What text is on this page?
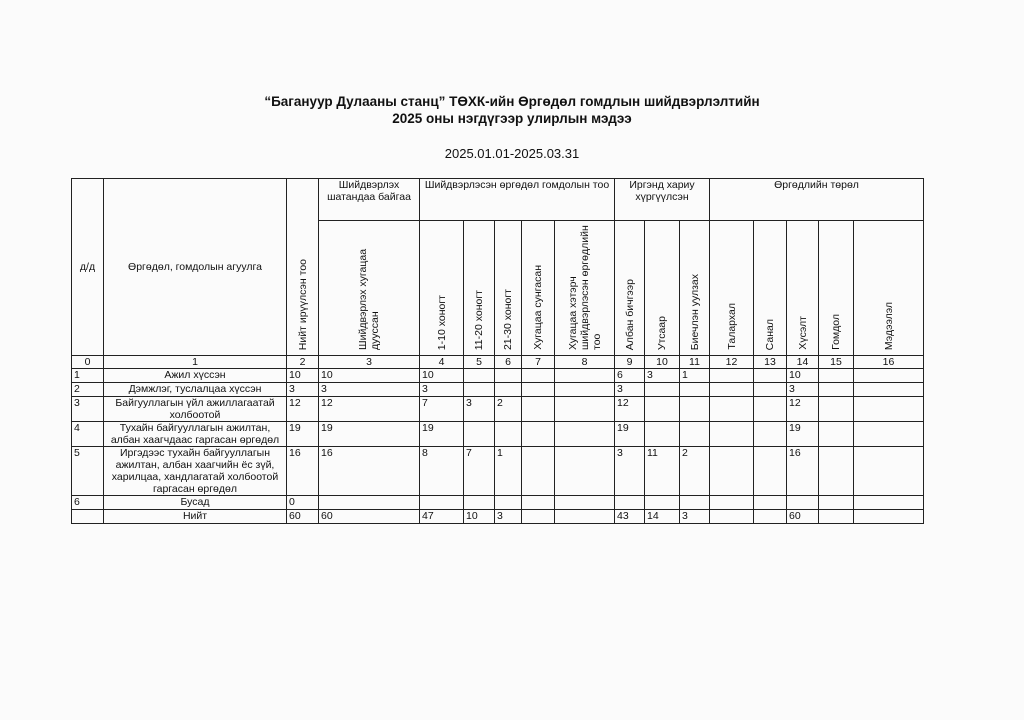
“Багануур Дулааны станц” ТӨХК-ийн Өргөдөл гомдлын шийдвэрлэлтийн
2025 оны нэгдүгээр улирлын мэдээ
2025.01.01-2025.03.31
д/д	Өргөдөл, гомдолын агуулга	Нийт ирүүлсэн тоо	Шийдвэрлэх шатандаа байгаа	Шийдвэрлэсэн өргөдөл гомдолын тоо					Иргэнд хариу хүргүүлсэн			Өргөдлийн төрөл				
			Шийдвэрлэх хугацаа дуусcан	1-10 хоногт	11-20 хоногт	21-30 хоногт	Хугацаа сунгасан	Хугацаа хэтэрч шийдвэрлэсэн өргөдлийн тоо	Албан бичгээр	Утсаар	Биечлэн уулзах	Талархал	Санал	Хүсэлт	Гомдол	Мэдээлэл
0	1	2	3	4	5	6	7	8	9	10	11	12	13	14	15	16
1	Ажил хүссэн	10	10	10					6	3	1			10		
2	Дэмжлэг, туслалцаа хүссэн	3	3	3					3					3		
3	Байгууллагын үйл ажиллагаатай холбоотой	12	12	7	3	2			12					12		
4	Тухайн байгууллагын ажилтан, албан хаагчдаас гаргасан өргөдөл	19	19	19					19					19		
5	Иргэдээс тухайн байгууллагын ажилтан, албан хаагчийн ёс зүй, харилцаа, хандлагатай холбоотой гаргасан өргөдөл	16	16	8	7	1			3	11	2			16		
6	Бусад	0														
	Нийт	60	60	47	10	3			43	14	3			60		
